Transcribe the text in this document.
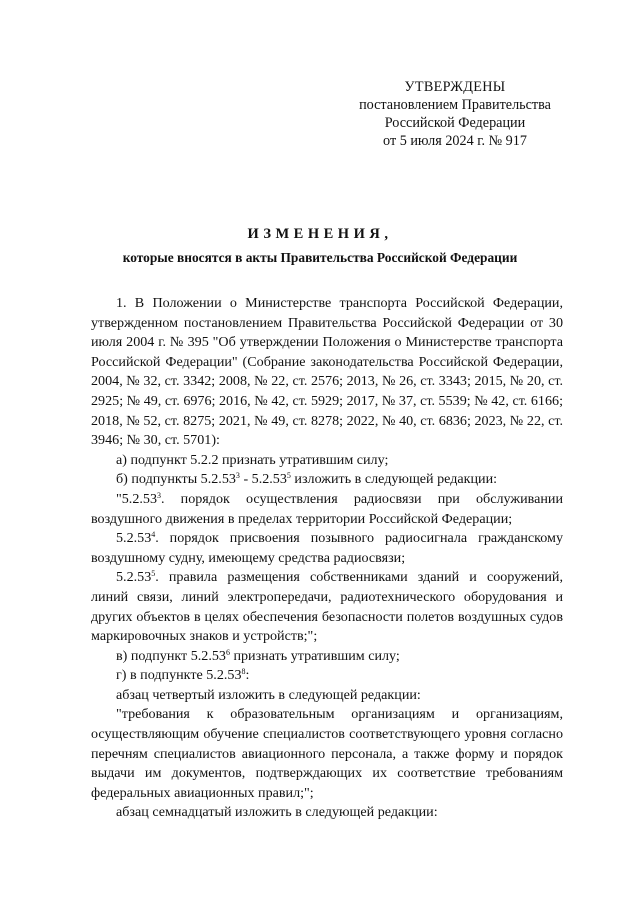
УТВЕРЖДЕНЫ
постановлением Правительства
Российской Федерации
от 5 июля 2024 г. № 917
ИЗМЕНЕНИЯ,
которые вносятся в акты Правительства Российской Федерации

1. В Положении о Министерстве транспорта Российской Федерации, утвержденном постановлением Правительства Российской Федерации от 30 июля 2004 г. № 395 "Об утверждении Положения о Министерстве транспорта Российской Федерации" (Собрание законодательства Российской Федерации, 2004, № 32, ст. 3342; 2008, № 22, ст. 2576; 2013, № 26, ст. 3343; 2015, № 20, ст. 2925; № 49, ст. 6976; 2016, № 42, ст. 5929; 2017, № 37, ст. 5539; № 42, ст. 6166; 2018, № 52, ст. 8275; 2021, № 49, ст. 8278; 2022, № 40, ст. 6836; 2023, № 22, ст. 3946; № 30, ст. 5701):

а) подпункт 5.2.2 признать утратившим силу;

б) подпункты 5.2.53$^3$ - 5.2.53$^5$ изложить в следующей редакции:

"5.2.53$^3$. порядок осуществления радиосвязи при обслуживании воздушного движения в пределах территории Российской Федерации;

5.2.53$^4$. порядок присвоения позывного радиосигнала гражданскому воздушному судну, имеющему средства радиосвязи;

5.2.53$^5$. правила размещения собственниками зданий и сооружений, линий связи, линий электропередачи, радиотехнического оборудования и других объектов в целях обеспечения безопасности полетов воздушных судов маркировочных знаков и устройств;";

в) подпункт 5.2.53$^6$ признать утратившим силу;

г) в подпункте 5.2.53$^8$:

абзац четвертый изложить в следующей редакции:

"требования к образовательным организациям и организациям, осуществляющим обучение специалистов соответствующего уровня согласно перечням специалистов авиационного персонала, а также форму и порядок выдачи им документов, подтверждающих их соответствие требованиям федеральных авиационных правил;";

абзац семнадцатый изложить в следующей редакции:
